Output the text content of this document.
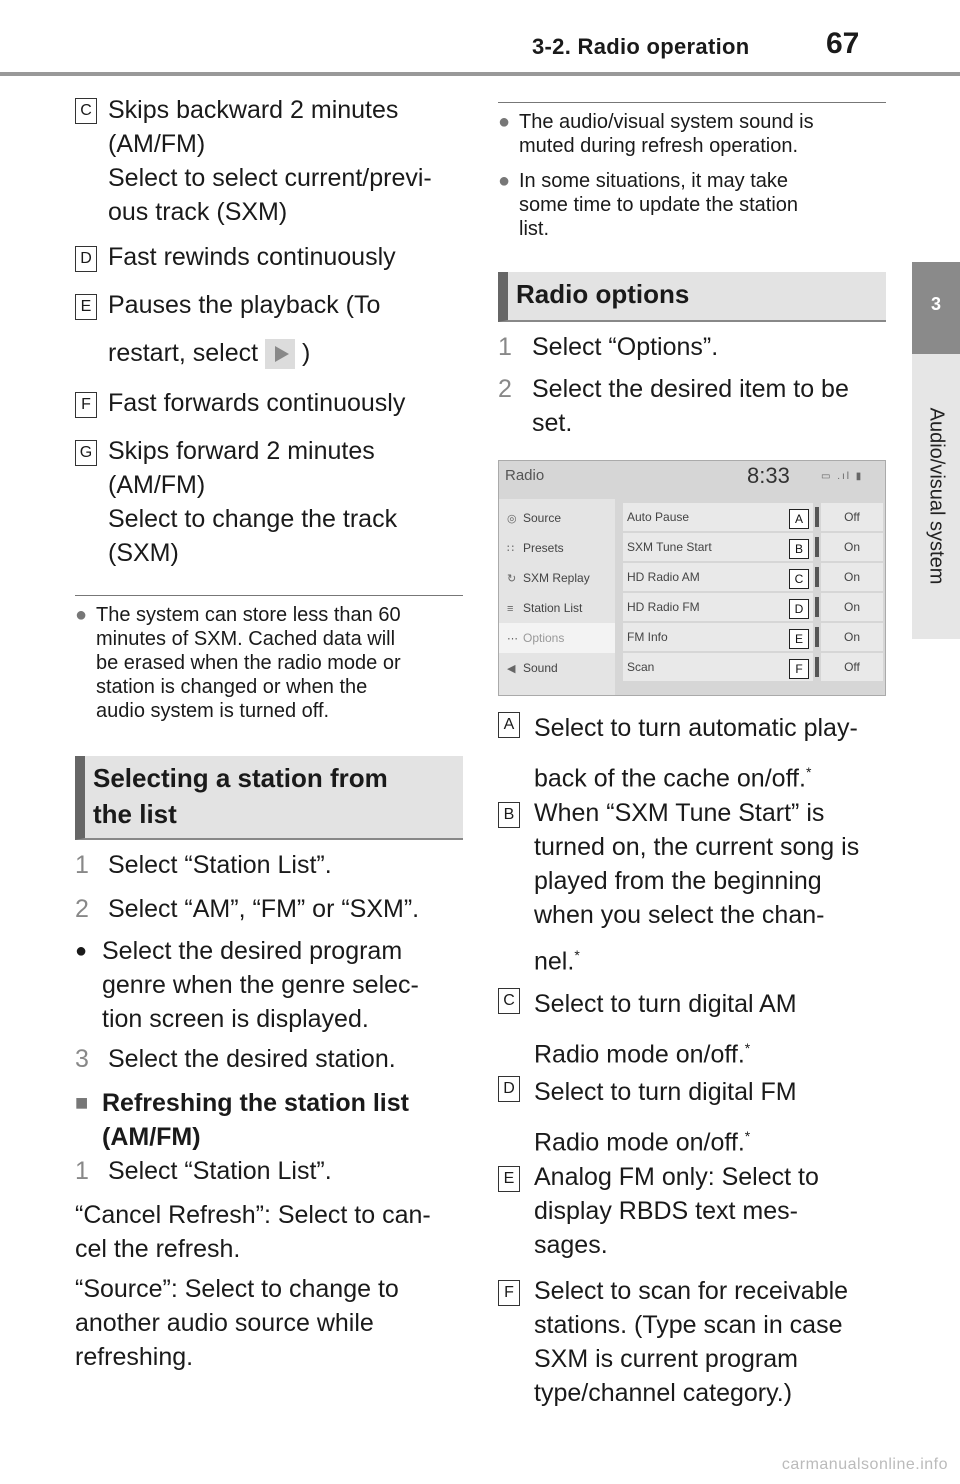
3-2. Radio operation	67
3
Audio/visual system
C Skips backward 2 minutes
(AM/FM)
Select to select current/previ-
ous track (SXM)
D Fast rewinds continuously
E Pauses the playback (To
restart, select )
F Fast forwards continuously
G Skips forward 2 minutes
(AM/FM)
Select to change the track
(SXM)
● The system can store less than 60
minutes of SXM. Cached data will
be erased when the radio mode or
station is changed or when the
audio system is turned off.
Selecting a station from
the list
1 Select “Station List”.
2 Select “AM”, “FM” or “SXM”.
● Select the desired program
genre when the genre selec-
tion screen is displayed.
3 Select the desired station.
■ Refreshing the station list
(AM/FM)
1 Select “Station List”.
“Cancel Refresh”: Select to can-
cel the refresh.
“Source”: Select to change to
another audio source while
refreshing.
● The audio/visual system sound is
muted during refresh operation.
● In some situations, it may take
some time to update the station
list.
Radio options
1 Select “Options”.
2 Select the desired item to be
set.
Radio	8:33	▭ .ıl ▮
◎ Source
∷ Presets
↻ SXM Replay
≡ Station List
⋯ Options
◀ Sound
Auto Pause	A	Off
SXM Tune Start	B	On
HD Radio AM	C	On
HD Radio FM	D	On
FM Info	E	On
Scan	F	Off
A Select to turn automatic play-
back of the cache on/off.*
B When “SXM Tune Start” is
turned on, the current song is
played from the beginning
when you select the chan-
nel.*
C Select to turn digital AM
Radio mode on/off.*
D Select to turn digital FM
Radio mode on/off.*
E Analog FM only: Select to
display RBDS text mes-
sages.
F Select to scan for receivable
stations. (Type scan in case
SXM is current program
type/channel category.)
carmanualsonline.info
